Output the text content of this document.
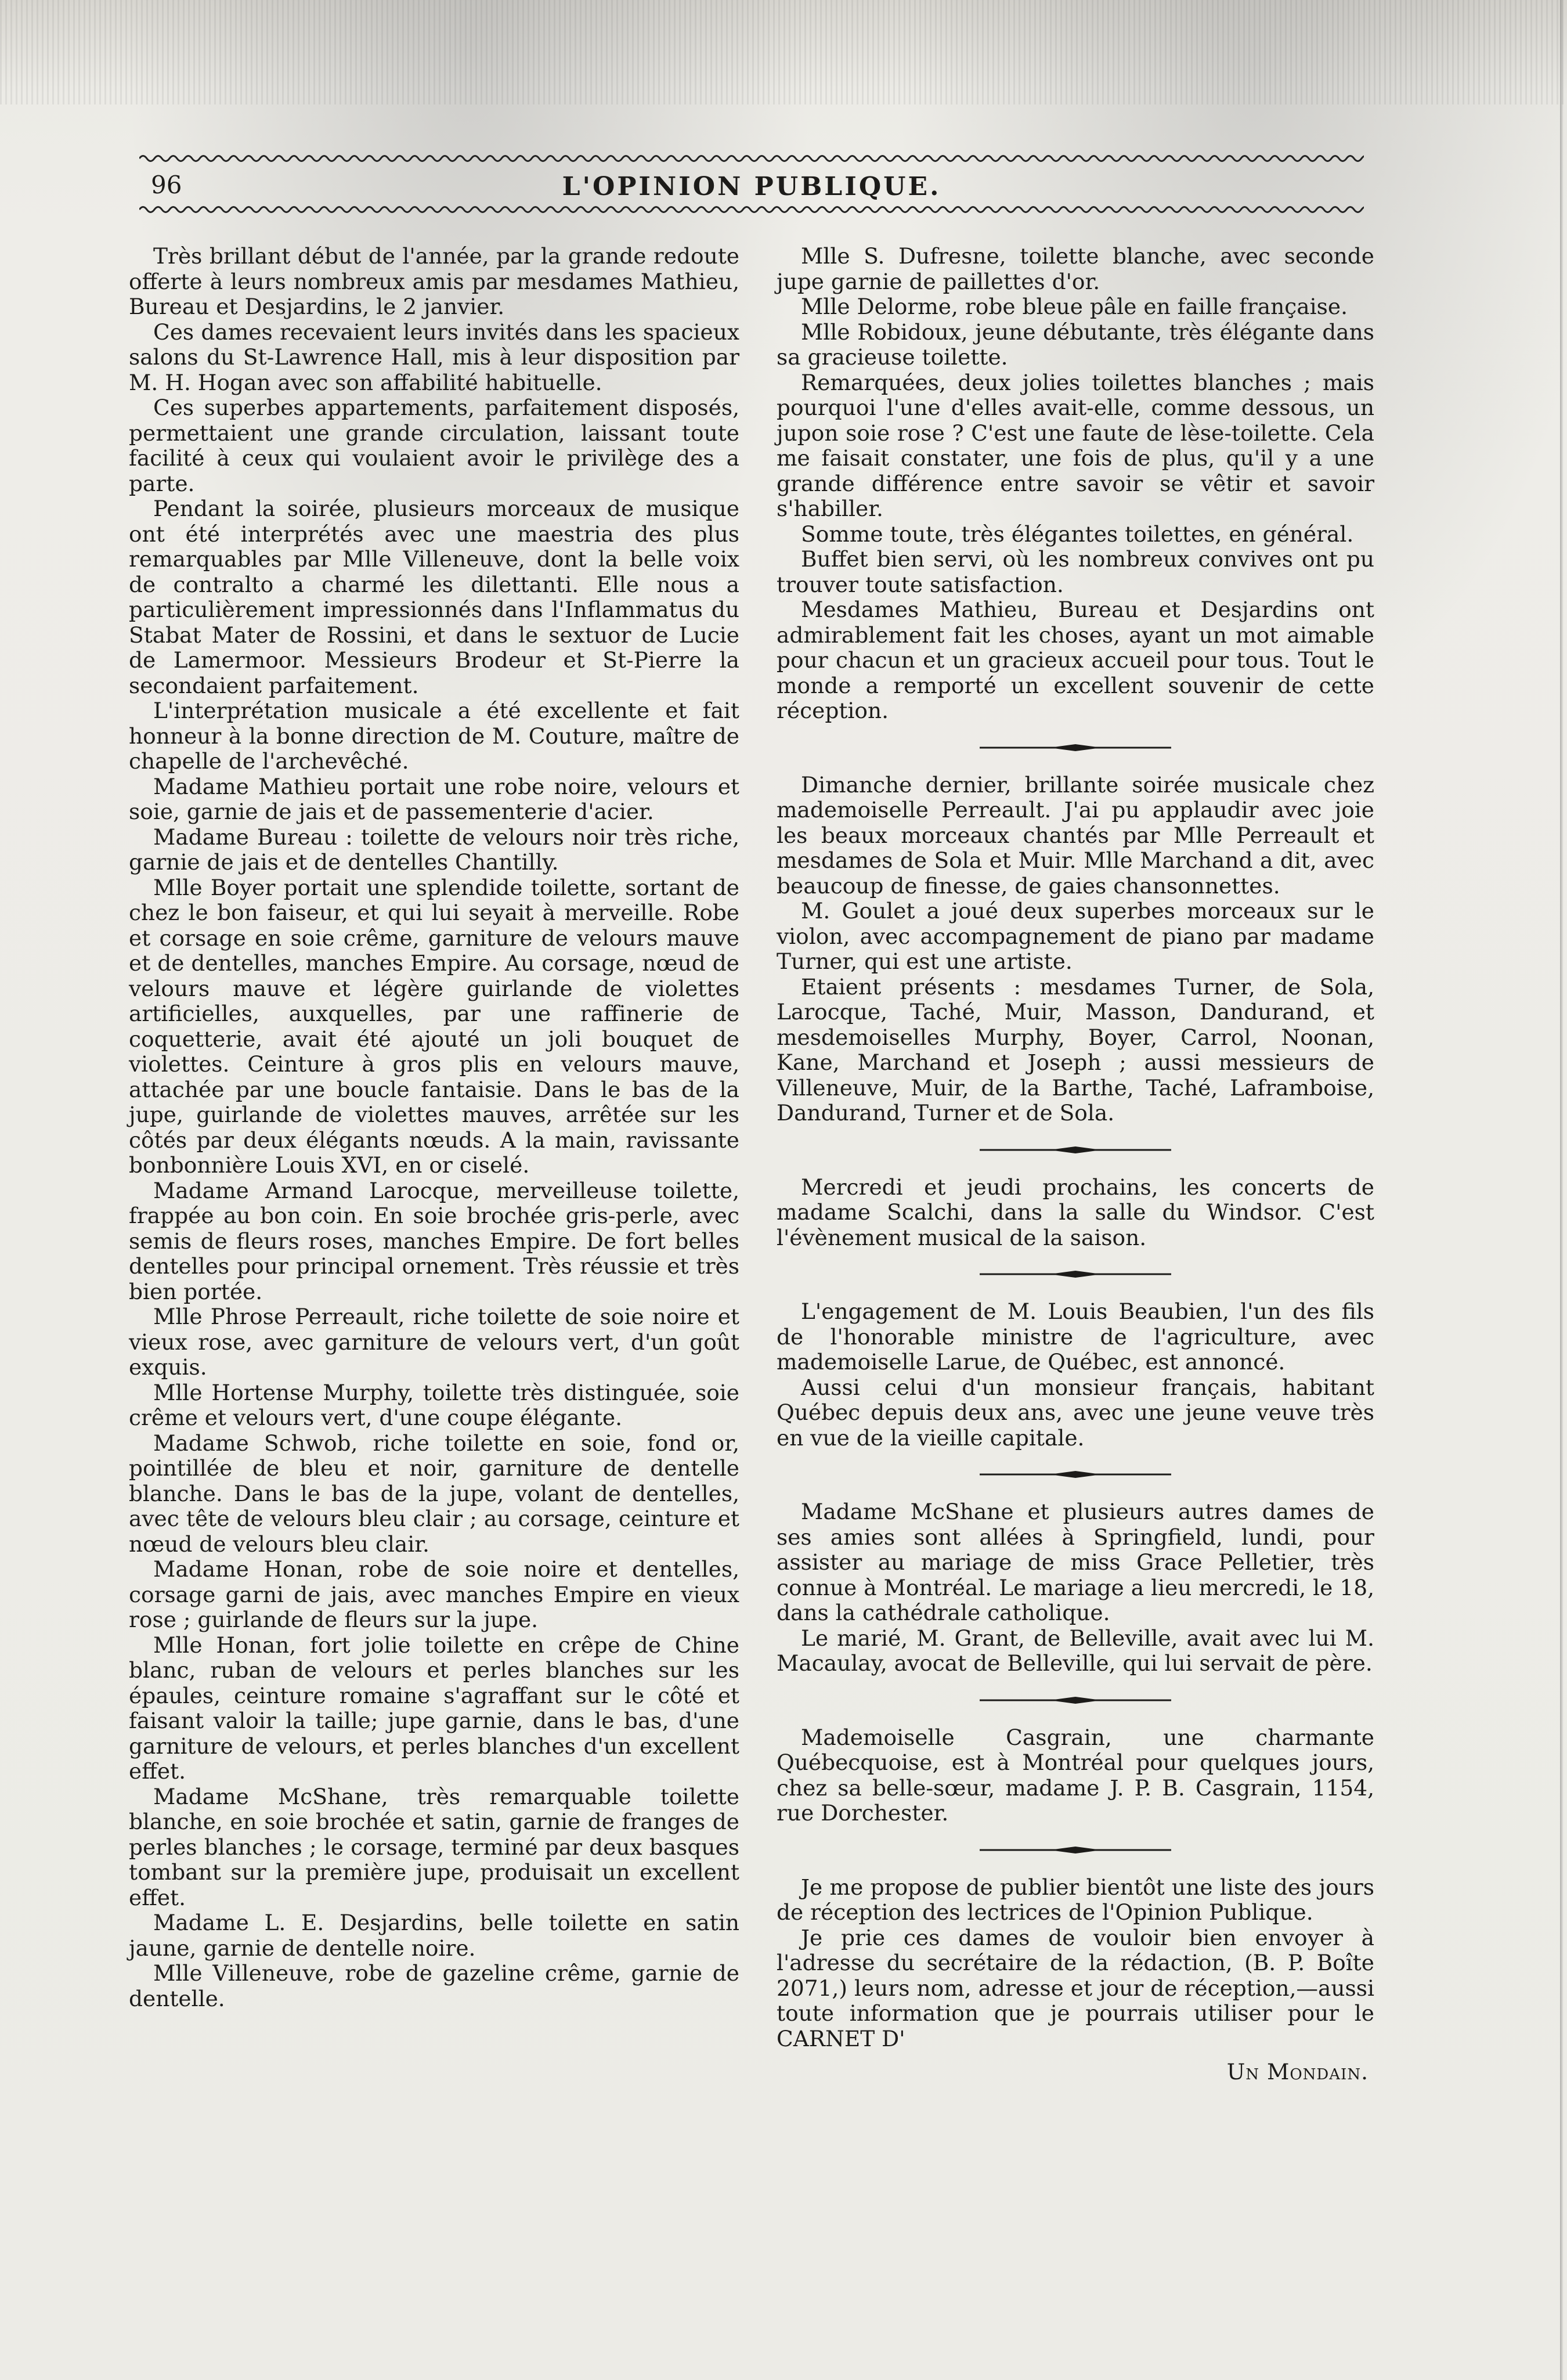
96	L'OPINION PUBLIQUE.

Très brillant début de l'année, par la grande redoute offerte à leurs nombreux amis par mesdames Mathieu, Bureau et Desjardins, le 2 janvier.

Ces dames recevaient leurs invités dans les spacieux salons du St-Lawrence Hall, mis à leur disposition par M. H. Hogan avec son affabilité habituelle.

Ces superbes appartements, parfaitement disposés, permettaient une grande circulation, laissant toute facilité à ceux qui voulaient avoir le privilège des a parte.

Pendant la soirée, plusieurs morceaux de musique ont été interprétés avec une maestria des plus remarquables par Mlle Villeneuve, dont la belle voix de contralto a charmé les dilettanti. Elle nous a particulièrement impressionnés dans l'Inflammatus du Stabat Mater de Rossini, et dans le sextuor de Lucie de Lamermoor. Messieurs Brodeur et St-Pierre la secondaient parfaitement.

L'interprétation musicale a été excellente et fait honneur à la bonne direction de M. Couture, maître de chapelle de l'archevêché.

Madame Mathieu portait une robe noire, velours et soie, garnie de jais et de passementerie d'acier.

Madame Bureau : toilette de velours noir très riche, garnie de jais et de dentelles Chantilly.

Mlle Boyer portait une splendide toilette, sortant de chez le bon faiseur, et qui lui seyait à merveille. Robe et corsage en soie crême, garniture de velours mauve et de dentelles, manches Empire. Au corsage, nœud de velours mauve et légère guirlande de violettes artificielles, auxquelles, par une raffinerie de coquetterie, avait été ajouté un joli bouquet de violettes. Ceinture à gros plis en velours mauve, attachée par une boucle fantaisie. Dans le bas de la jupe, guirlande de violettes mauves, arrêtée sur les côtés par deux élégants nœuds. A la main, ravissante bonbonnière Louis XVI, en or ciselé.

Madame Armand Larocque, merveilleuse toilette, frappée au bon coin. En soie brochée gris-perle, avec semis de fleurs roses, manches Empire. De fort belles dentelles pour principal ornement. Très réussie et très bien portée.

Mlle Phrose Perreault, riche toilette de soie noire et vieux rose, avec garniture de velours vert, d'un goût exquis.

Mlle Hortense Murphy, toilette très distinguée, soie crême et velours vert, d'une coupe élégante.

Madame Schwob, riche toilette en soie, fond or, pointillée de bleu et noir, garniture de dentelle blanche. Dans le bas de la jupe, volant de dentelles, avec tête de velours bleu clair ; au corsage, ceinture et nœud de velours bleu clair.

Madame Honan, robe de soie noire et dentelles, corsage garni de jais, avec manches Empire en vieux rose ; guirlande de fleurs sur la jupe.

Mlle Honan, fort jolie toilette en crêpe de Chine blanc, ruban de velours et perles blanches sur les épaules, ceinture romaine s'agraffant sur le côté et faisant valoir la taille; jupe garnie, dans le bas, d'une garniture de velours, et perles blanches d'un excellent effet.

Madame McShane, très remarquable toilette blanche, en soie brochée et satin, garnie de franges de perles blanches ; le corsage, terminé par deux basques tombant sur la première jupe, produisait un excellent effet.

Madame L. E. Desjardins, belle toilette en satin jaune, garnie de dentelle noire.

Mlle Villeneuve, robe de gazeline crême, garnie de dentelle.

Mlle S. Dufresne, toilette blanche, avec seconde jupe garnie de paillettes d'or.

Mlle Delorme, robe bleue pâle en faille française.

Mlle Robidoux, jeune débutante, très élégante dans sa gracieuse toilette.

Remarquées, deux jolies toilettes blanches ; mais pourquoi l'une d'elles avait-elle, comme dessous, un jupon soie rose ? C'est une faute de lèse-toilette. Cela me faisait constater, une fois de plus, qu'il y a une grande différence entre savoir se vêtir et savoir s'habiller.

Somme toute, très élégantes toilettes, en général.

Buffet bien servi, où les nombreux convives ont pu trouver toute satisfaction.

Mesdames Mathieu, Bureau et Desjardins ont admirablement fait les choses, ayant un mot aimable pour chacun et un gracieux accueil pour tous. Tout le monde a remporté un excellent souvenir de cette réception.

Dimanche dernier, brillante soirée musicale chez mademoiselle Perreault. J'ai pu applaudir avec joie les beaux morceaux chantés par Mlle Perreault et mesdames de Sola et Muir. Mlle Marchand a dit, avec beaucoup de finesse, de gaies chansonnettes.

M. Goulet a joué deux superbes morceaux sur le violon, avec accompagnement de piano par madame Turner, qui est une artiste.

Etaient présents : mesdames Turner, de Sola, Larocque, Taché, Muir, Masson, Dandurand, et mesdemoiselles Murphy, Boyer, Carrol, Noonan, Kane, Marchand et Joseph ; aussi messieurs de Villeneuve, Muir, de la Barthe, Taché, Laframboise, Dandurand, Turner et de Sola.

Mercredi et jeudi prochains, les concerts de madame Scalchi, dans la salle du Windsor. C'est l'évènement musical de la saison.

L'engagement de M. Louis Beaubien, l'un des fils de l'honorable ministre de l'agriculture, avec mademoiselle Larue, de Québec, est annoncé.

Aussi celui d'un monsieur français, habitant Québec depuis deux ans, avec une jeune veuve très en vue de la vieille capitale.

Madame McShane et plusieurs autres dames de ses amies sont allées à Springfield, lundi, pour assister au mariage de miss Grace Pelletier, très connue à Montréal. Le mariage a lieu mercredi, le 18, dans la cathédrale catholique.

Le marié, M. Grant, de Belleville, avait avec lui M. Macaulay, avocat de Belleville, qui lui servait de père.

Mademoiselle Casgrain, une charmante Québecquoise, est à Montréal pour quelques jours, chez sa belle-sœur, madame J. P. B. Casgrain, 1154, rue Dorchester.

Je me propose de publier bientôt une liste des jours de réception des lectrices de l'Opinion Publique.

Je prie ces dames de vouloir bien envoyer à l'adresse du secrétaire de la rédaction, (B. P. Boîte 2071,) leurs nom, adresse et jour de réception,—aussi toute information que je pourrais utiliser pour le CARNET D'

Un Mondain.
